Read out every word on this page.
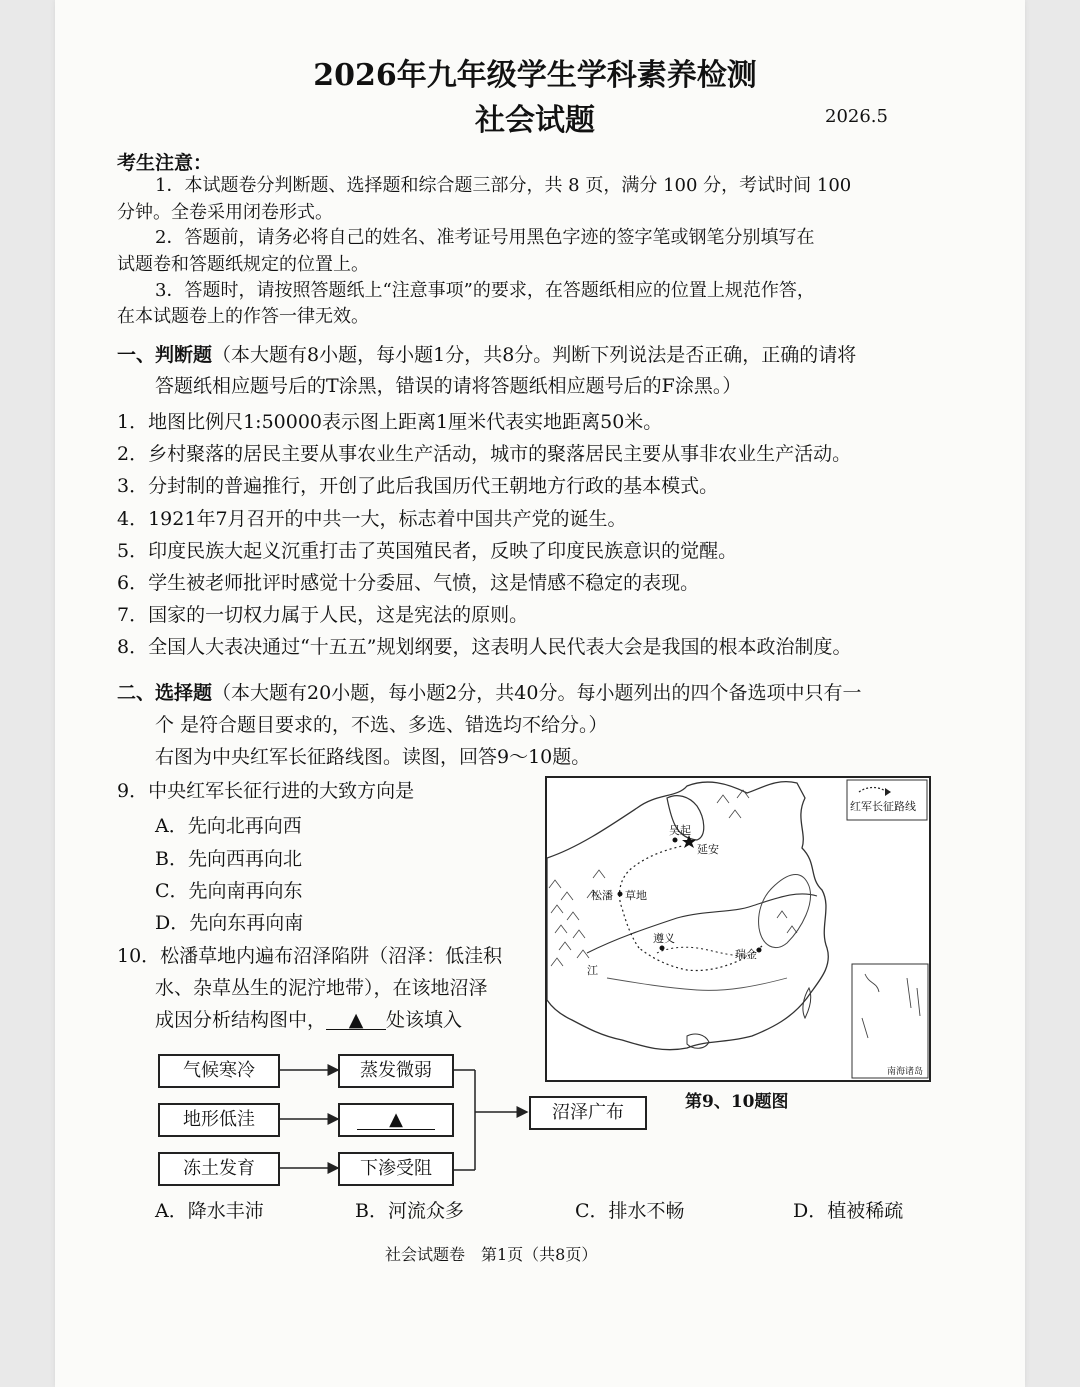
2026年九年级学生学科素养检测
社会试题	2026.5
考生注意：
1．本试题卷分判断题、选择题和综合题三部分，共 8 页，满分 100 分，考试时间 100
分钟。全卷采用闭卷形式。
2．答题前，请务必将自己的姓名、准考证号用黑色字迹的签字笔或钢笔分别填写在
试题卷和答题纸规定的位置上。
3．答题时，请按照答题纸上“注意事项”的要求，在答题纸相应的位置上规范作答，
在本试题卷上的作答一律无效。
一、判断题（本大题有8小题，每小题1分，共8分。判断下列说法是否正确，正确的请将
答题纸相应题号后的T涂黑，错误的请将答题纸相应题号后的F涂黑。）
1．地图比例尺1:50000表示图上距离1厘米代表实地距离50米。
2．乡村聚落的居民主要从事农业生产活动，城市的聚落居民主要从事非农业生产活动。
3．分封制的普遍推行，开创了此后我国历代王朝地方行政的基本模式。
4．1921年7月召开的中共一大，标志着中国共产党的诞生。
5．印度民族大起义沉重打击了英国殖民者，反映了印度民族意识的觉醒。
6．学生被老师批评时感觉十分委屈、气愤，这是情感不稳定的表现。
7．国家的一切权力属于人民，这是宪法的原则。
8．全国人大表决通过“十五五”规划纲要，这表明人民代表大会是我国的根本政治制度。
二、选择题（本大题有20小题，每小题2分，共40分。每小题列出的四个备选项中只有一
个 是符合题目要求的，不选、多选、错选均不给分。）
右图为中央红军长征路线图。读图，回答9～10题。
9．中央红军长征行进的大致方向是
A．先向北再向西
B．先向西再向北
C．先向南再向东
D．先向东再向南
10．松潘草地内遍布沼泽陷阱（沼泽：低洼积
水、杂草丛生的泥泞地带），在该地沼泽
成因分析结构图中， ▲ 处该填入
红军长征路线
吴起
延安
松潘 草地
遵义
瑞金
江
南海诸岛
第9、10题图
气候寒冷
地形低洼
冻土发育
蒸发微弱
▲
下渗受阻
沼泽广布
A．降水丰沛	B．河流众多	C．排水不畅	D．植被稀疏
社会试题卷　第1页（共8页）
